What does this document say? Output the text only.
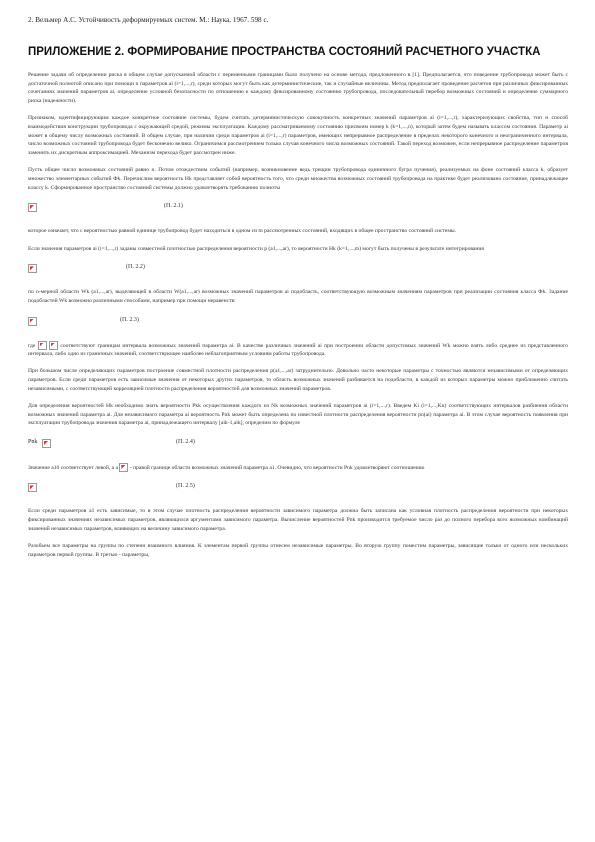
2. Вельмер А.С. Устойчивость деформируемых систем. М.: Наука, 1967. 598 с.
ПРИЛОЖЕНИЕ 2. ФОРМИРОВАНИЕ ПРОСТРАНСТВА СОСТОЯНИЙ РАСЧЕТНОГО УЧАСТКА

Решение задачи об определении риска в общем случае допускаемой области с переменными границами было получено на основе метода, предложенного в [1]. Предполагается, что поведение трубопровода может быть с достаточной полнотой описано при помощи n параметров ai (i=1,...,r), среди которых могут быть как детерминистические, так и случайные величины. Метод предполагает проведение расчетов при различных фиксированных сочетаниях значений параметров ai, определение условной безопасности по отношению к каждому фиксированному состоянию трубопровода, последовательный перебор возможных состояний и определение суммарного риска (надежности).

Признаком, идентифицирующим каждое конкретное состояние системы, будем считать детерминистическую совокупность конкретных значений параметров ai (i=1,...,r), характеризующих свойства, тип и способ взаимодействия конструкции трубопровода с окружающей средой, режимы эксплуатации. Каждому рассматриваемому состоянию присвоим номер k (k=1,...,n), который затем будем называть классом состояния. Параметр ai может в общему числу возможных состояний. В общем случае, при наличии среди параметров ai (i=1,...,r) параметров, имеющих непрерывное распределение в пределах некоторого конечного и неограниченного интервала, число возможных состояний трубопровода будет бесконечно велико. Ограничимся рассмотрением только случая конечного числа возможных состояний. Такой переход возможен, если непрерывное распределение параметров заменить их дискретным аппроксимацией. Механизм перехода будет рассмотрен ниже.

Пусть общее число возможных состояний равно n. Потом отождествим событий (например, возникновение ведь трещин трубопровода единичного бугра пучения), реализуемых на фоне состояний класса k, образует множество элементарных событий Фk. Перечислим вероятность Hk представляет собой вероятность того, что среди множества возможных состояний трубопровода на практике будет реализовано состояние, принадлежащее классу k. Сформированное пространство состояний системы должно удовлетворять требованию полноты

(П. 2.1)

которое означает, что с вероятностью равной единице трубопровод будет находиться в одном из m рассмотренных состояний, входящих в общее пространство состояний системы.

Если значения параметров ai (i=1,...,r) заданы совместной плотностью распределения вероятности p (a1,...,ar), то вероятности Hk (k=1,...,m) могут быть получены в результате интегрирования

(П. 2.2)

по n-мерной области Wk (a1,...,ar), выделяющей в области W(a1,...,ar) возможных значений параметров ai подобласть, соответствующую возможным значениям параметров при реализации состояния класса Фk. Задание подобластей Wk возможно различными способами, например при помощи неравенств:

(П. 2.3)

где	соответствуют границам интервала возможных значений параметра ai. В качестве различных значений ai при построении области допустимых значений Wk можно взять либо среднее из представленного интервала, либо одно из граничных значений, соответствующее наиболее неблагоприятным условиям работы трубопровода.

При большом числе определяющих параметров построение совместной плотности распределения p(a1,...,ar) затруднительно. Довольно часто некоторые параметры с точностью являются независимыми от определяющих параметров. Если среди параметров есть зависимые значения от некоторых других параметров, то область возможных значений разбивается на подобласти, в каждой из которых параметры можно приближенно считать независимыми, с соответствующей корреляцией плотности распределения вероятностей для возможных значений параметров.

Для определения вероятностей Hk необходимо знать вероятности Pkk осуществления каждого из Nk возможных значений параметров ai (i=1,...,r). Введем Ki (i=1,...,Kn) соответствующих интервалов разбиения области возможных значений параметра ai. Для независимого параметра ai вероятность Pnk может быть определена по известной плотности распределения вероятности pn(ai) параметра ai. В этом случае вероятность появления при эксплуатации трубопровода значения параметра ai, принадлежащего интервалу [aik-1,aik], определим по формуле

Pnk	(П. 2.4)

Значение a10 соответствует левой, а a - правой границе области возможных значений параметра a1. Очевидно, что вероятности Pnk удовлетворяют соотношению

(П. 2.5)

Если среди параметров a1 есть зависимые, то в этом случае плотность распределения вероятности зависимого параметра должна быть записана как условная плотность распределения вероятности при некоторых фиксированных значениях независимых параметров, являющихся аргументами зависимого параметра. Вычисление вероятностей Pnk производится требуемое число раз до полного перебора всех возможных комбинаций значений независимых параметров, влияющих на величину зависимого параметра.

Разобьем все параметры на группы по степени взаимного влияния. К элементам первой группы отнесем независимые параметры. Во вторую группу поместим параметры, зависящие только от одного или нескольких параметров первой группы. В третью - параметры,
